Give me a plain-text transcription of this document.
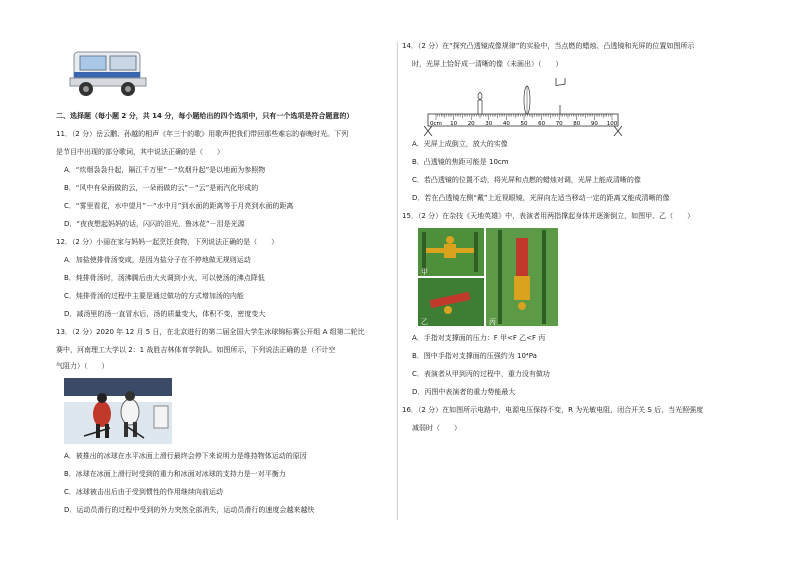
二、选择题（每小题 2 分，共 14 分，每小题给出的四个选项中，只有一个选项是符合题意的）
11．（2 分）岳云鹏、孙越的相声《年三十的歌》用歌声把我们带回那些难忘的春晚时光。下列
是节目中出现的部分歌词，其中说法正确的是（　　）
A．“炊烟袅袅升起，隔江千万里”－“炊烟升起”是以地面为参照物
B．“风中有朵雨做的云，一朵雨做的云”－“云”是雨汽化形成的
C．“雾里看花，水中望月”－“水中月”到水面的距离等于月亮到水面的距离
D．“夜夜想起妈妈的话，闪闪的泪光，鲁冰花”－泪是光源
12．（2 分）小丽在家与妈妈一起烹饪食物，下列说法正确的是（　　）
A．加盐使排骨汤变咸，是因为盐分子在不停地做无规则运动
B．炖排骨汤时，汤沸腾后由大火调到小火，可以使汤的沸点降低
C．炖排骨汤的过程中主要是通过做功的方式增加汤的内能
D．减汤里的汤一直冒水后，汤的质量变大，体积不变，密度变大
13．（2 分）2020 年 12 月 5 日，在北京进行的第二届全国大学生冰球锦标赛公开组 A 组第二轮比
赛中，河南理工大学以 2：1 战胜吉林体育学院队。如图所示，下列说法正确的是（不计空
气阻力）（　　）
A．被推出的冰球在水平冰面上滑行最终会停下来说明力是维持物体运动的原因
B．冰球在冰面上滑行时受到的重力和冰面对冰球的支持力是一对平衡力
C．冰球被击出后由于受到惯性的作用继续向前运动
D．运动员滑行的过程中受到的外力突然全部消失，运动员滑行的速度会越来越快
14．（2 分）在“探究凸透镜成像规律”的实验中，当点燃的蜡烛、凸透镜和光屏的位置如图所示
时，光屏上恰好成一清晰的像（未画出）（　　）
0cm 10 20 30 40 50 60 70 80 90 100
A．光屏上成倒立，放大的实像
B．凸透镜的焦距可能是 10cm
C．若凸透镜的位置不动，将光屏和点燃的蜡烛对调，光屏上能成清晰的像
D．若在凸透镜左侧“戴”上近视眼镜，光屏向左适当移动一定的距离又能成清晰的像
15．（2 分）在杂技《天地英雄》中，表演者用两指撑起身体并逐渐倒立，如图甲、乙（　　）
甲
乙	丙
A．手指对支撑面的压力：F 甲<F 乙<F 丙
B．图中手指对支撑面的压强约为 10⁴Pa
C．表演者从甲到丙的过程中，重力没有做功
D．丙图中表演者的重力势能最大
16．（2 分）在如图所示电路中，电源电压保持不变，R 为光敏电阻，闭合开关 S 后，当光照强度
减弱时（　　）
